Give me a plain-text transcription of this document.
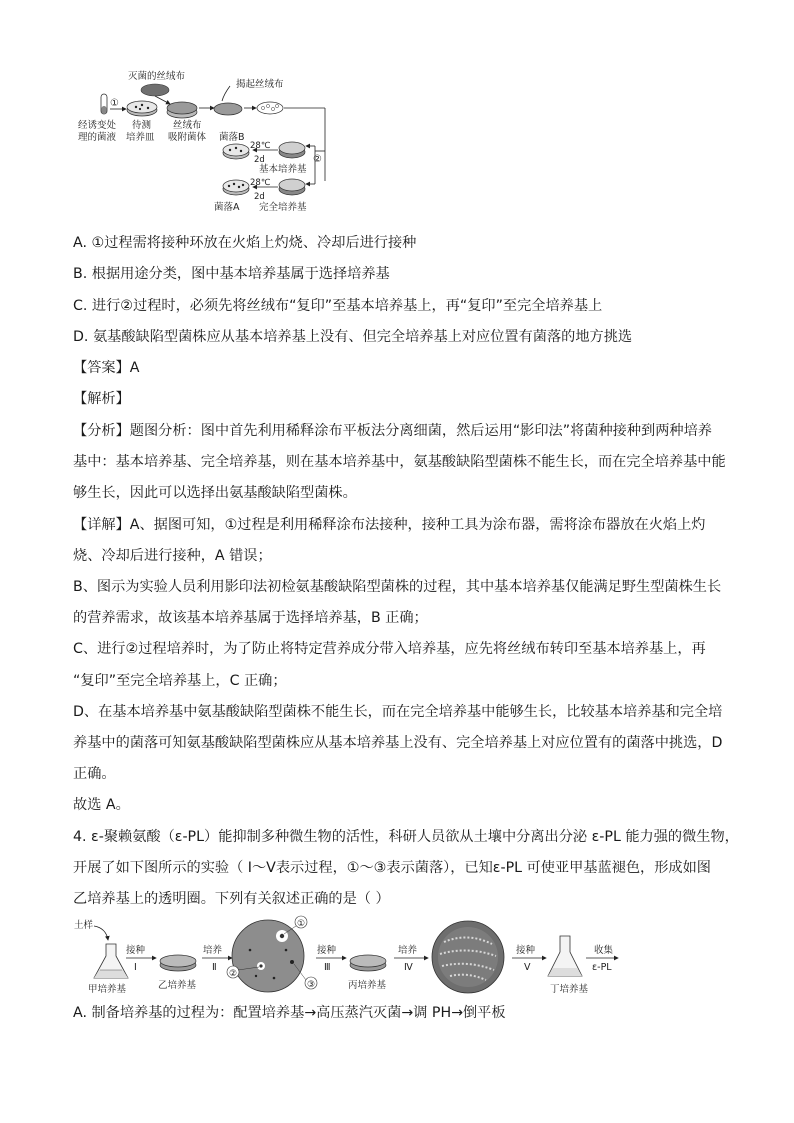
灭菌的丝绒布
①
经诱变处
理的菌液
待测
培养皿
丝绒布
吸附菌体
揭起丝绒布
②
菌落B
28℃
2d
基本培养基
28℃
2d
菌落A 完全培养基
A. ①过程需将接种环放在火焰上灼烧、冷却后进行接种
B. 根据用途分类，图中基本培养基属于选择培养基
C. 进行②过程时，必须先将丝绒布“复印”至基本培养基上，再“复印”至完全培养基上
D. 氨基酸缺陷型菌株应从基本培养基上没有、但完全培养基上对应位置有菌落的地方挑选
【答案】A
【解析】
【分析】题图分析：图中首先利用稀释涂布平板法分离细菌，然后运用“影印法”将菌种接种到两种培养
基中：基本培养基、完全培养基，则在基本培养基中，氨基酸缺陷型菌株不能生长，而在完全培养基中能
够生长，因此可以选择出氨基酸缺陷型菌株。
【详解】A、据图可知，①过程是利用稀释涂布法接种，接种工具为涂布器，需将涂布器放在火焰上灼
烧、冷却后进行接种，A 错误；
B、图示为实验人员利用影印法初检氨基酸缺陷型菌株的过程，其中基本培养基仅能满足野生型菌株生长
的营养需求，故该基本培养基属于选择培养基，B 正确；
C、进行②过程培养时，为了防止将特定营养成分带入培养基，应先将丝绒布转印至基本培养基上，再
“复印”至完全培养基上，C 正确；
D、在基本培养基中氨基酸缺陷型菌株不能生长，而在完全培养基中能够生长，比较基本培养基和完全培
养基中的菌落可知氨基酸缺陷型菌株应从基本培养基上没有、完全培养基上对应位置有的菌落中挑选，D
正确。
故选 A。
4. ε-聚赖氨酸（ε-PL）能抑制多种微生物的活性，科研人员欲从土壤中分离出分泌 ε-PL 能力强的微生物，
开展了如下图所示的实验（ Ⅰ～Ⅴ表示过程，①～③表示菌落），已知ε-PL 可使亚甲基蓝褪色，形成如图
乙培养基上的透明圈。下列有关叙述正确的是（ ）
土样
甲培养基
接种
Ⅰ
乙培养基
培养
Ⅱ
①
②
③
接种
Ⅲ
丙培养基
培养
Ⅳ
接种
Ⅴ
丁培养基
收集
ε-PL
A. 制备培养基的过程为：配置培养基→高压蒸汽灭菌→调 PH→倒平板
